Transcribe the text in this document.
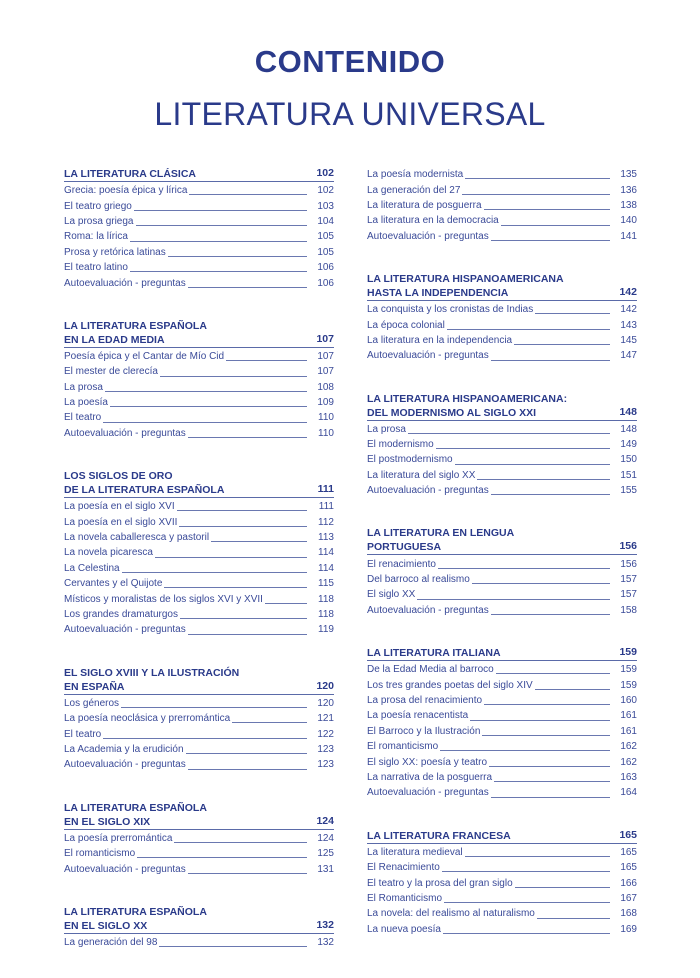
CONTENIDO
LITERATURA UNIVERSAL
LA LITERATURA CLÁSICA	102
Grecia: poesía épica y lírica	102
El teatro griego	103
La prosa griega	104
Roma: la lírica	105
Prosa y retórica latinas	105
El teatro latino	106
Autoevaluación - preguntas	106
LA LITERATURA ESPAÑOLA
EN LA EDAD MEDIA	107
Poesía épica y el Cantar de Mío Cid	107
El mester de clerecía	107
La prosa	108
La poesía	109
El teatro	110
Autoevaluación - preguntas	110
LOS SIGLOS DE ORO
DE LA LITERATURA ESPAÑOLA	111
La poesía en el siglo XVI	111
La poesía en el siglo XVII	112
La novela caballeresca y pastoril	113
La novela picaresca	114
La Celestina	114
Cervantes y el Quijote	115
Místicos y moralistas de los siglos XVI y XVII	118
Los grandes dramaturgos	118
Autoevaluación - preguntas	119
EL SIGLO XVIII Y LA ILUSTRACIÓN
EN ESPAÑA	120
Los géneros	120
La poesía neoclásica y prerromántica	121
El teatro	122
La Academia y la erudición	123
Autoevaluación - preguntas	123
LA LITERATURA ESPAÑOLA
EN EL SIGLO XIX	124
La poesía prerromántica	124
El romanticismo	125
Autoevaluación - preguntas	131
LA LITERATURA ESPAÑOLA
EN EL SIGLO XX	132
La generación del 98	132
La poesía modernista	135
La generación del 27	136
La literatura de posguerra	138
La literatura en la democracia	140
Autoevaluación - preguntas	141
LA LITERATURA HISPANOAMERICANA
HASTA LA INDEPENDENCIA	142
La conquista y los cronistas de Indias	142
La época colonial	143
La literatura en la independencia	145
Autoevaluación - preguntas	147
LA LITERATURA HISPANOAMERICANA:
DEL MODERNISMO AL SIGLO XXI	148
La prosa	148
El modernismo	149
El postmodernismo	150
La literatura del siglo XX	151
Autoevaluación - preguntas	155
LA LITERATURA EN LENGUA
PORTUGUESA	156
El renacimiento	156
Del barroco al realismo	157
El siglo XX	157
Autoevaluación - preguntas	158
LA LITERATURA ITALIANA	159
De la Edad Media al barroco	159
Los tres grandes poetas del siglo XIV	159
La prosa del renacimiento	160
La poesía renacentista	161
El Barroco y la Ilustración	161
El romanticismo	162
El siglo XX: poesía y teatro	162
La narrativa de la posguerra	163
Autoevaluación - preguntas	164
LA LITERATURA FRANCESA	165
La literatura medieval	165
El Renacimiento	165
El teatro y la prosa del gran siglo	166
El Romanticismo	167
La novela: del realismo al naturalismo	168
La nueva poesía	169
